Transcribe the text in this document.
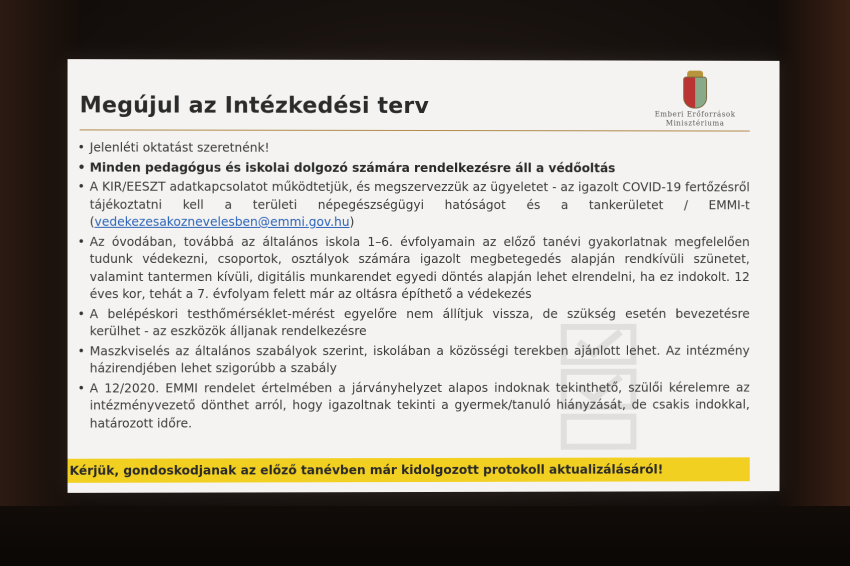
Megújul az Intézkedési terv	Emberi Erőforrások
Minisztériuma
• Jelenléti oktatást szeretnénk!
• Minden pedagógus és iskolai dolgozó számára rendelkezésre áll a védőoltás
• A KIR/EESZT adatkapcsolatot működtetjük, és megszervezzük az ügyeletet - az igazolt COVID-19 fertőzésről tájékoztatni kell a területi népegészségügyi hatóságot és a tankerületet / EMMI-t (vedekezesakoznevelesben@emmi.gov.hu)
• Az óvodában, továbbá az általános iskola 1–6. évfolyamain az előző tanévi gyakorlatnak megfelelően tudunk védekezni, csoportok, osztályok számára igazolt megbetegedés alapján rendkívüli szünetet, valamint tantermen kívüli, digitális munkarendet egyedi döntés alapján lehet elrendelni, ha ez indokolt. 12 éves kor, tehát a 7. évfolyam felett már az oltásra építhető a védekezés
• A belépéskori testhőmérséklet-mérést egyelőre nem állítjuk vissza, de szükség esetén bevezetésre kerülhet - az eszközök álljanak rendelkezésre
• Maszkviselés az általános szabályok szerint, iskolában a közösségi terekben ajánlott lehet. Az intézmény házirendjében lehet szigorúbb a szabály
• A 12/2020. EMMI rendelet értelmében a járványhelyzet alapos indoknak tekinthető, szülői kérelemre az intézményvezető dönthet arról, hogy igazoltnak tekinti a gyermek/tanuló hiányzását, de csakis indokkal, határozott időre.
Kérjük, gondoskodjanak az előző tanévben már kidolgozott protokoll aktualizálásáról!
